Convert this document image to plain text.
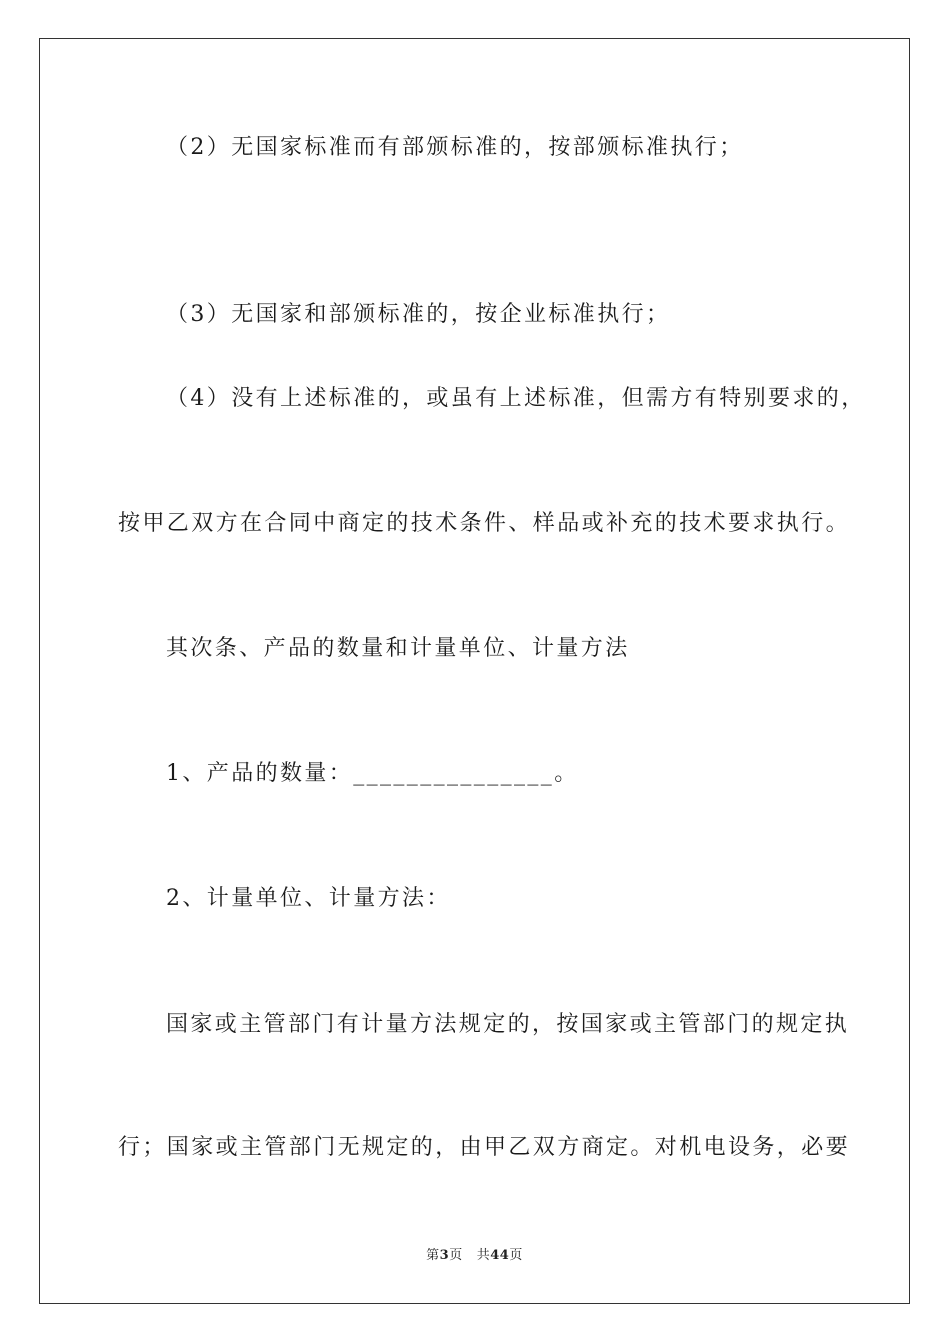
（2）无国家标准而有部颁标准的，按部颁标准执行；
（3）无国家和部颁标准的，按企业标准执行；
（4）没有上述标准的，或虽有上述标准，但需方有特别要求的，
按甲乙双方在合同中商定的技术条件、样品或补充的技术要求执行。
其次条、产品的数量和计量单位、计量方法
1、产品的数量：_______________。
2、计量单位、计量方法：
国家或主管部门有计量方法规定的，按国家或主管部门的规定执
行；国家或主管部门无规定的，由甲乙双方商定。对机电设务，必要
第3页 共44页
